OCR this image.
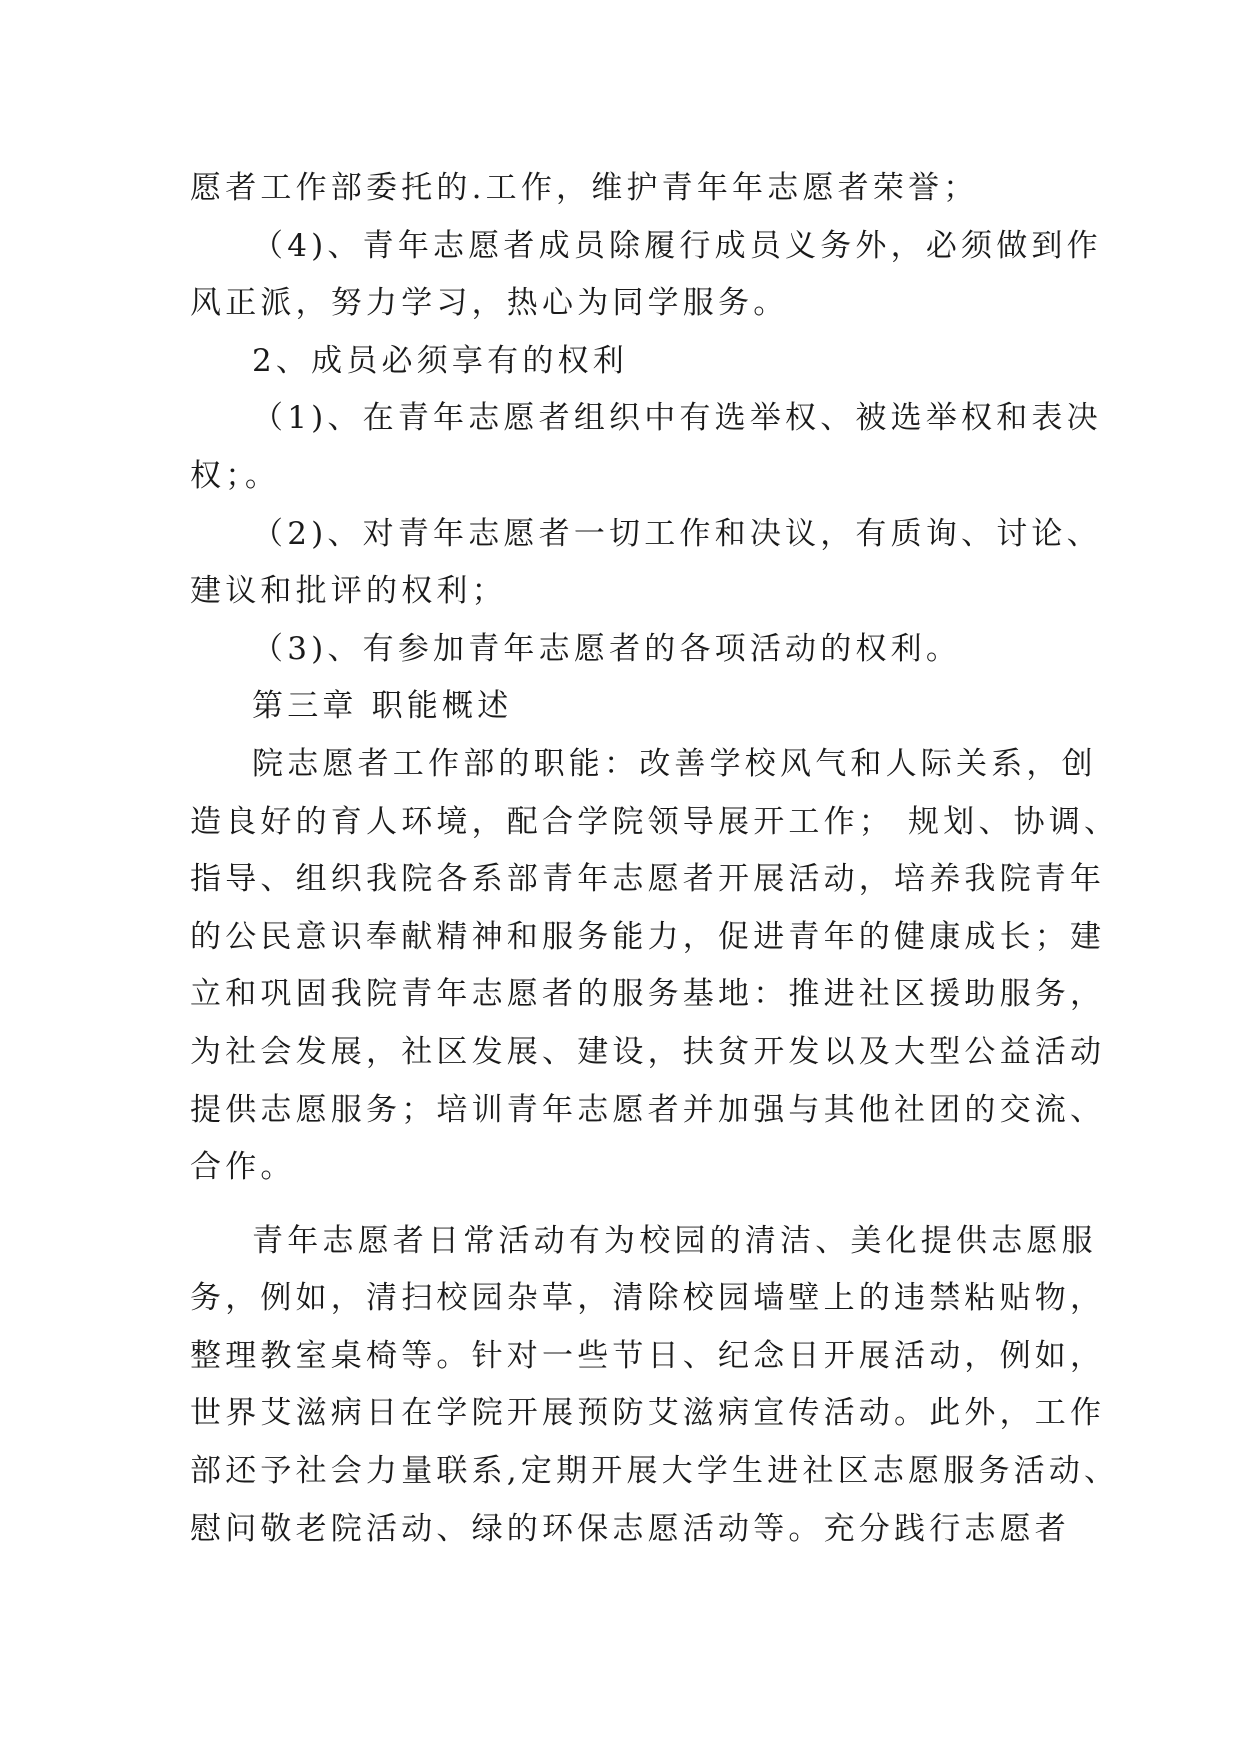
愿者工作部委托的.工作，维护青年年志愿者荣誉；
（4)、青年志愿者成员除履行成员义务外，必须做到作
风正派，努力学习，热心为同学服务。
2、成员必须享有的权利
（1)、在青年志愿者组织中有选举权、被选举权和表决
权；。
（2)、对青年志愿者一切工作和决议，有质询、讨论、
建议和批评的权利；
（3)、有参加青年志愿者的各项活动的权利。
第三章 职能概述
院志愿者工作部的职能：改善学校风气和人际关系，创
造良好的育人环境，配合学院领导展开工作； 规划、协调、
指导、组织我院各系部青年志愿者开展活动，培养我院青年
的公民意识奉献精神和服务能力，促进青年的健康成长；建
立和巩固我院青年志愿者的服务基地：推进社区援助服务，
为社会发展，社区发展、建设，扶贫开发以及大型公益活动
提供志愿服务；培训青年志愿者并加强与其他社团的交流、
合作。
青年志愿者日常活动有为校园的清洁、美化提供志愿服
务，例如，清扫校园杂草，清除校园墙壁上的违禁粘贴物，
整理教室桌椅等。针对一些节日、纪念日开展活动，例如，
世界艾滋病日在学院开展预防艾滋病宣传活动。此外，工作
部还予社会力量联系,定期开展大学生进社区志愿服务活动、
慰问敬老院活动、绿的环保志愿活动等。充分践行志愿者
